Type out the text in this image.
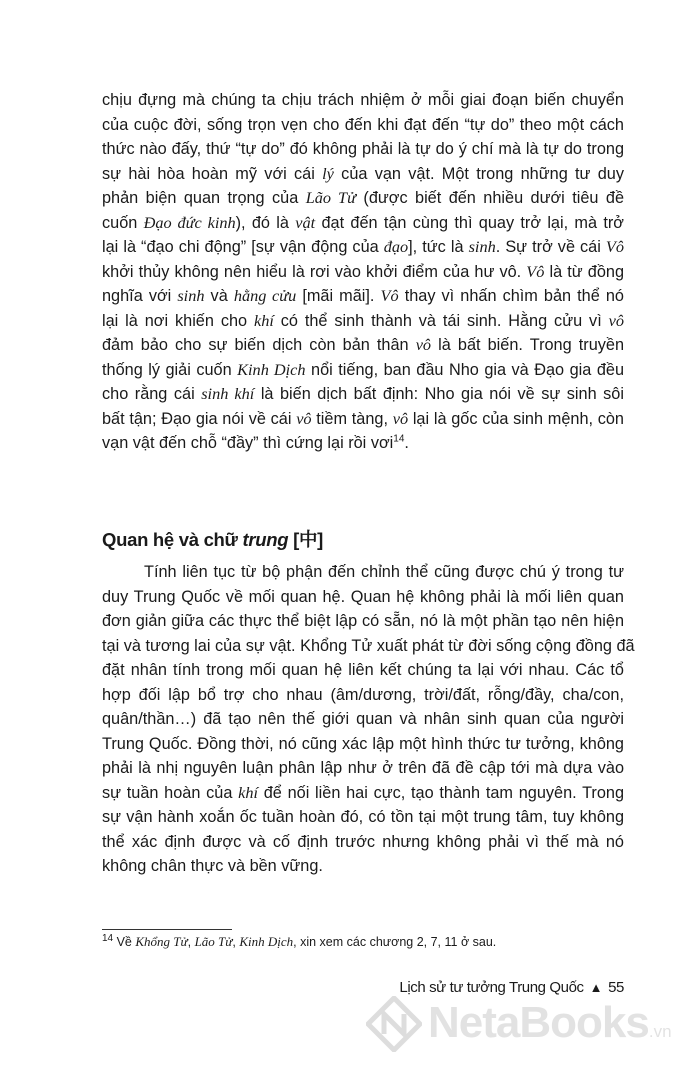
chịu đựng mà chúng ta chịu trách nhiệm ở mỗi giai đoạn biến chuyển
của cuộc đời, sống trọn vẹn cho đến khi đạt đến “tự do” theo một cách
thức nào đấy, thứ “tự do” đó không phải là tự do ý chí mà là tự do trong
sự hài hòa hoàn mỹ với cái lý của vạn vật. Một trong những tư duy
phản biện quan trọng của Lão Tử (được biết đến nhiều dưới tiêu đề
cuốn Đạo đức kinh), đó là vật đạt đến tận cùng thì quay trở lại, mà trở
lại là “đạo chi động” [sự vận động của đạo], tức là sinh. Sự trở về cái Vô
khởi thủy không nên hiểu là rơi vào khởi điểm của hư vô. Vô là từ đồng
nghĩa với sinh và hằng cửu [mãi mãi]. Vô thay vì nhấn chìm bản thể nó
lại là nơi khiến cho khí có thể sinh thành và tái sinh. Hằng cửu vì vô
đảm bảo cho sự biến dịch còn bản thân vô là bất biến. Trong truyền
thống lý giải cuốn Kinh Dịch nổi tiếng, ban đầu Nho gia và Đạo gia đều
cho rằng cái sinh khí là biến dịch bất định: Nho gia nói về sự sinh sôi
bất tận; Đạo gia nói về cái vô tiềm tàng, vô lại là gốc của sinh mệnh, còn
vạn vật đến chỗ “đầy” thì cứng lại rồi vơi$^{14}$.
Quan hệ và chữ trung [中]
Tính liên tục từ bộ phận đến chỉnh thể cũng được chú ý trong tư
duy Trung Quốc về mối quan hệ. Quan hệ không phải là mối liên quan
đơn giản giữa các thực thể biệt lập có sẵn, nó là một phần tạo nên hiện
tại và tương lai của sự vật. Khổng Tử xuất phát từ đời sống cộng đồng đã
đặt nhân tính trong mối quan hệ liên kết chúng ta lại với nhau. Các tổ
hợp đối lập bổ trợ cho nhau (âm/dương, trời/đất, rỗng/đầy, cha/con,
quân/thần…) đã tạo nên thế giới quan và nhân sinh quan của người
Trung Quốc. Đồng thời, nó cũng xác lập một hình thức tư tưởng, không
phải là nhị nguyên luận phân lập như ở trên đã đề cập tới mà dựa vào
sự tuần hoàn của khí để nối liền hai cực, tạo thành tam nguyên. Trong
sự vận hành xoắn ốc tuần hoàn đó, có tồn tại một trung tâm, tuy không
thể xác định được và cố định trước nhưng không phải vì thế mà nó
không chân thực và bền vững.
$^{14}$ Về Khổng Tử, Lão Tử, Kinh Dịch, xin xem các chương 2, 7, 11 ở sau.
Lịch sử tư tưởng Trung Quốc ▲ 55
NetaBooks.vn
